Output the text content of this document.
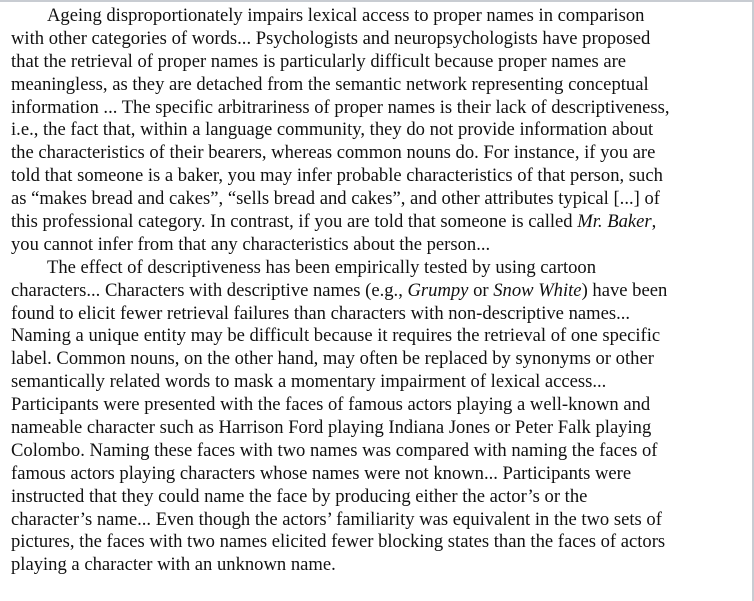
Ageing disproportionately impairs lexical access to proper names in comparison
with other categories of words... Psychologists and neuropsychologists have proposed
that the retrieval of proper names is particularly difficult because proper names are
meaningless, as they are detached from the semantic network representing conceptual
information ... The specific arbitrariness of proper names is their lack of descriptiveness,
i.e., the fact that, within a language community, they do not provide information about
the characteristics of their bearers, whereas common nouns do. For instance, if you are
told that someone is a baker, you may infer probable characteristics of that person, such
as “makes bread and cakes”, “sells bread and cakes”, and other attributes typical [...] of
this professional category. In contrast, if you are told that someone is called Mr. Baker,
you cannot infer from that any characteristics about the person...
The effect of descriptiveness has been empirically tested by using cartoon
characters... Characters with descriptive names (e.g., Grumpy or Snow White) have been
found to elicit fewer retrieval failures than characters with non-descriptive names...
Naming a unique entity may be difficult because it requires the retrieval of one specific
label. Common nouns, on the other hand, may often be replaced by synonyms or other
semantically related words to mask a momentary impairment of lexical access...
Participants were presented with the faces of famous actors playing a well-known and
nameable character such as Harrison Ford playing Indiana Jones or Peter Falk playing
Colombo. Naming these faces with two names was compared with naming the faces of
famous actors playing characters whose names were not known... Participants were
instructed that they could name the face by producing either the actor’s or the
character’s name... Even though the actors’ familiarity was equivalent in the two sets of
pictures, the faces with two names elicited fewer blocking states than the faces of actors
playing a character with an unknown name.
